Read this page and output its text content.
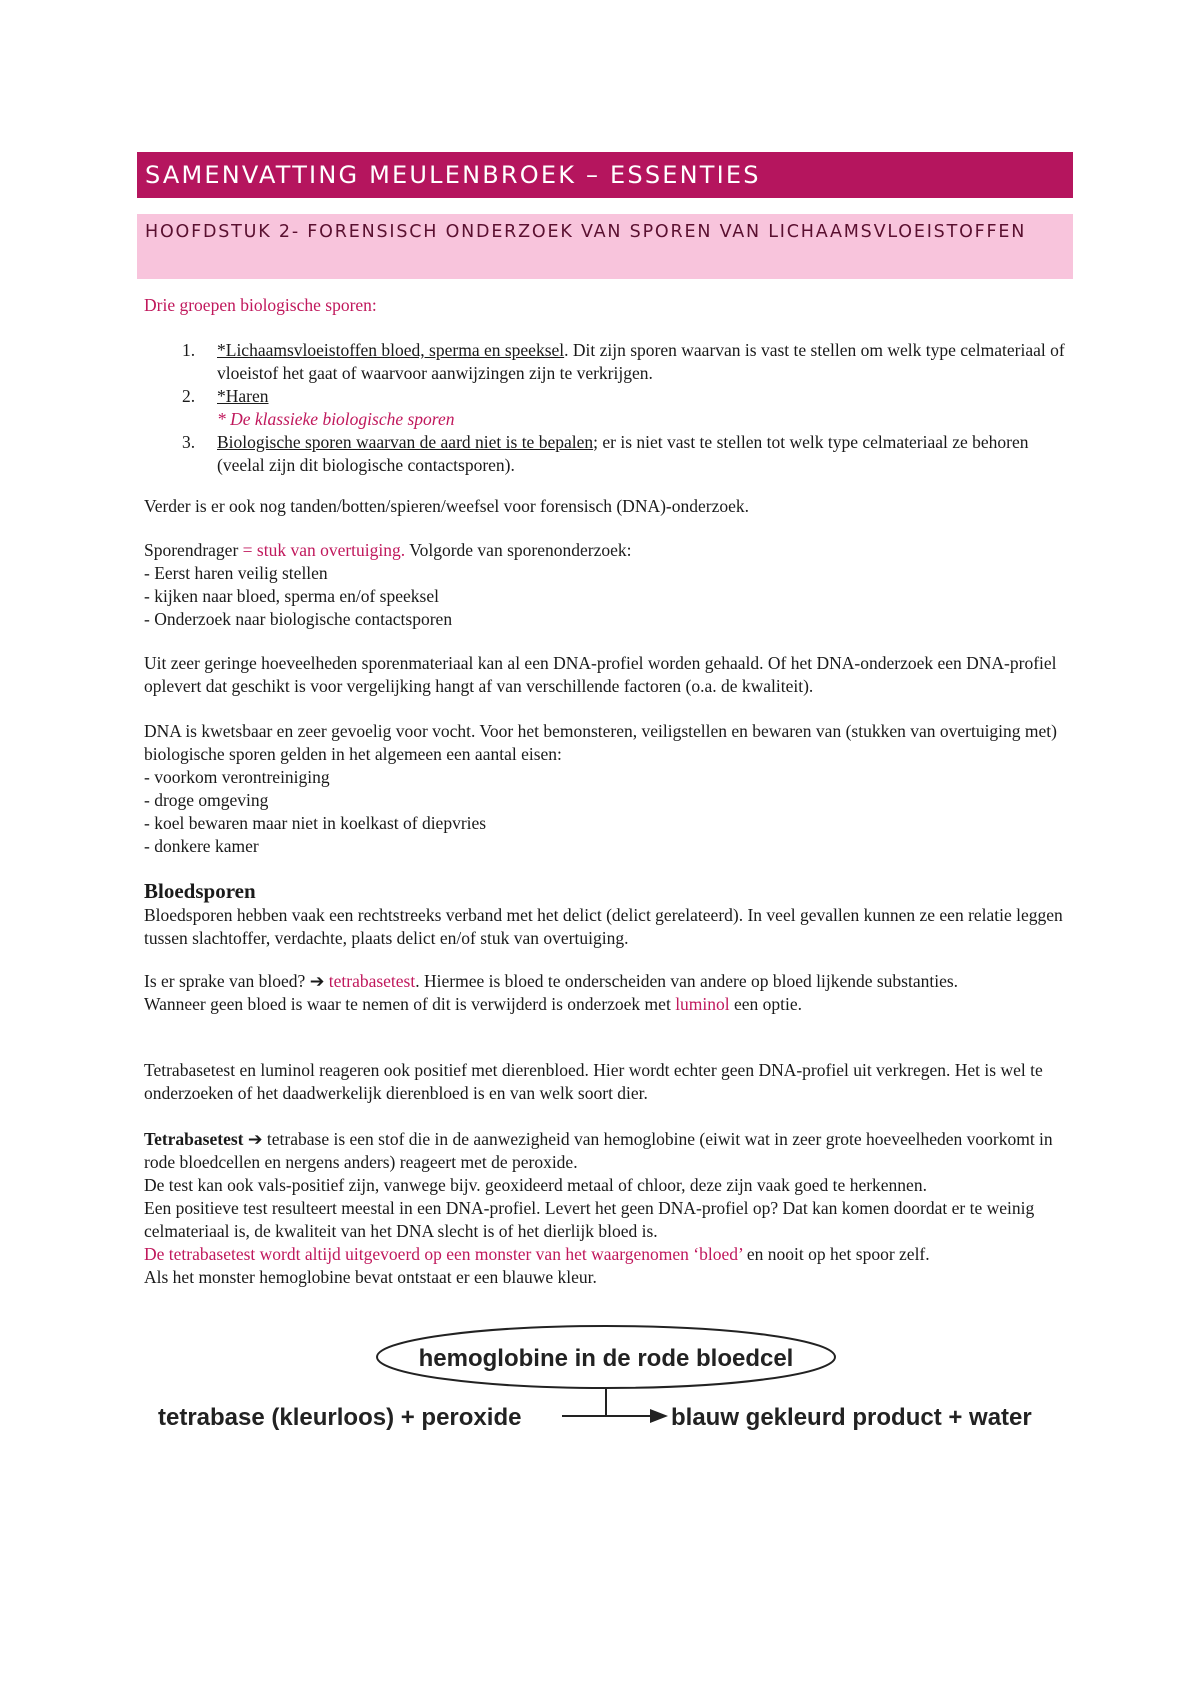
SAMENVATTING MEULENBROEK – ESSENTIES
HOOFDSTUK 2- FORENSISCH ONDERZOEK VAN SPOREN VAN LICHAAMSVLOEISTOFFEN

Drie groepen biologische sporen:

1. *Lichaamsvloeistoffen bloed, sperma en speeksel. Dit zijn sporen waarvan is vast te stellen om welk type celmateriaal of vloeistof het gaat of waarvoor aanwijzingen zijn te verkrijgen.
2. *Haren
* De klassieke biologische sporen
3. Biologische sporen waarvan de aard niet is te bepalen; er is niet vast te stellen tot welk type celmateriaal ze behoren (veelal zijn dit biologische contactsporen).

Verder is er ook nog tanden/botten/spieren/weefsel voor forensisch (DNA)-onderzoek.

Sporendrager = stuk van overtuiging. Volgorde van sporenonderzoek:

- Eerst haren veilig stellen

- kijken naar bloed, sperma en/of speeksel

- Onderzoek naar biologische contactsporen

Uit zeer geringe hoeveelheden sporenmateriaal kan al een DNA-profiel worden gehaald. Of het DNA-onderzoek een DNA-profiel oplevert dat geschikt is voor vergelijking hangt af van verschillende factoren (o.a. de kwaliteit).

DNA is kwetsbaar en zeer gevoelig voor vocht. Voor het bemonsteren, veiligstellen en bewaren van (stukken van overtuiging met) biologische sporen gelden in het algemeen een aantal eisen:

- voorkom verontreiniging

- droge omgeving

- koel bewaren maar niet in koelkast of diepvries

- donkere kamer

Bloedsporen

Bloedsporen hebben vaak een rechtstreeks verband met het delict (delict gerelateerd). In veel gevallen kunnen ze een relatie leggen tussen slachtoffer, verdachte, plaats delict en/of stuk van overtuiging.

Is er sprake van bloed? ➔ tetrabasetest. Hiermee is bloed te onderscheiden van andere op bloed lijkende substanties.

Wanneer geen bloed is waar te nemen of dit is verwijderd is onderzoek met luminol een optie.

Tetrabasetest en luminol reageren ook positief met dierenbloed. Hier wordt echter geen DNA-profiel uit verkregen. Het is wel te onderzoeken of het daadwerkelijk dierenbloed is en van welk soort dier.

Tetrabasetest ➔ tetrabase is een stof die in de aanwezigheid van hemoglobine (eiwit wat in zeer grote hoeveelheden voorkomt in rode bloedcellen en nergens anders) reageert met de peroxide.

De test kan ook vals-positief zijn, vanwege bijv. geoxideerd metaal of chloor, deze zijn vaak goed te herkennen.

Een positieve test resulteert meestal in een DNA-profiel. Levert het geen DNA-profiel op? Dat kan komen doordat er te weinig celmateriaal is, de kwaliteit van het DNA slecht is of het dierlijk bloed is.

De tetrabasetest wordt altijd uitgevoerd op een monster van het waargenomen ‘bloed’ en nooit op het spoor zelf.

Als het monster hemoglobine bevat ontstaat er een blauwe kleur.

hemoglobine in de rode bloedcel
tetrabase (kleurloos) + peroxide	blauw gekleurd product + water
